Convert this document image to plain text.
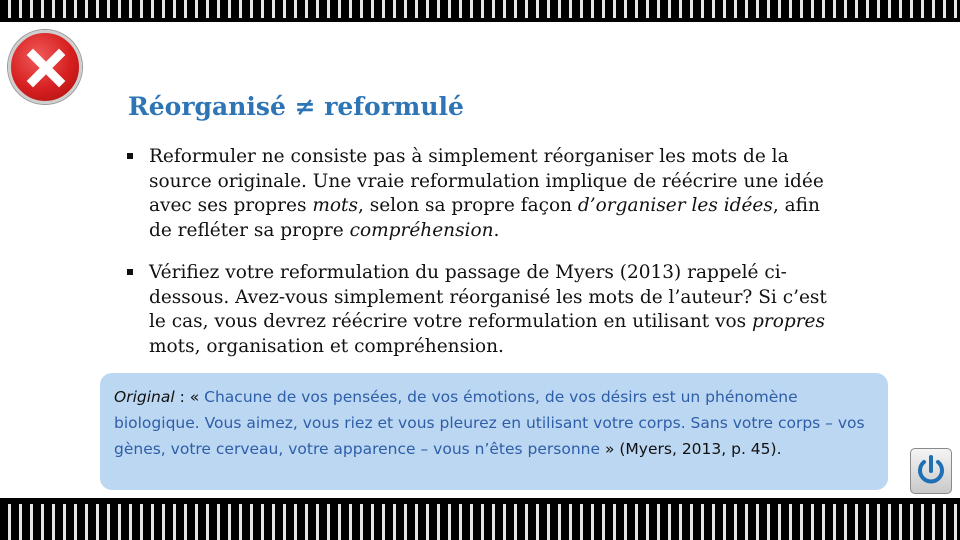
Réorganisé ≠ reformulé
Reformuler ne consiste pas à simplement réorganiser les mots de la source originale. Une vraie reformulation implique de réécrire une idée avec ses propres mots, selon sa propre façon d’organiser les idées, afin de refléter sa propre compréhension.
Vérifiez votre reformulation du passage de Myers (2013) rappelé ci-dessous. Avez-vous simplement réorganisé les mots de l’auteur? Si c’est le cas, vous devrez réécrire votre reformulation en utilisant vos propres mots, organisation et compréhension.
Original : « Chacune de vos pensées, de vos émotions, de vos désirs est un phénomène biologique. Vous aimez, vous riez et vous pleurez en utilisant votre corps. Sans votre corps – vos gènes, votre cerveau, votre apparence – vous n’êtes personne » (Myers, 2013, p. 45).
